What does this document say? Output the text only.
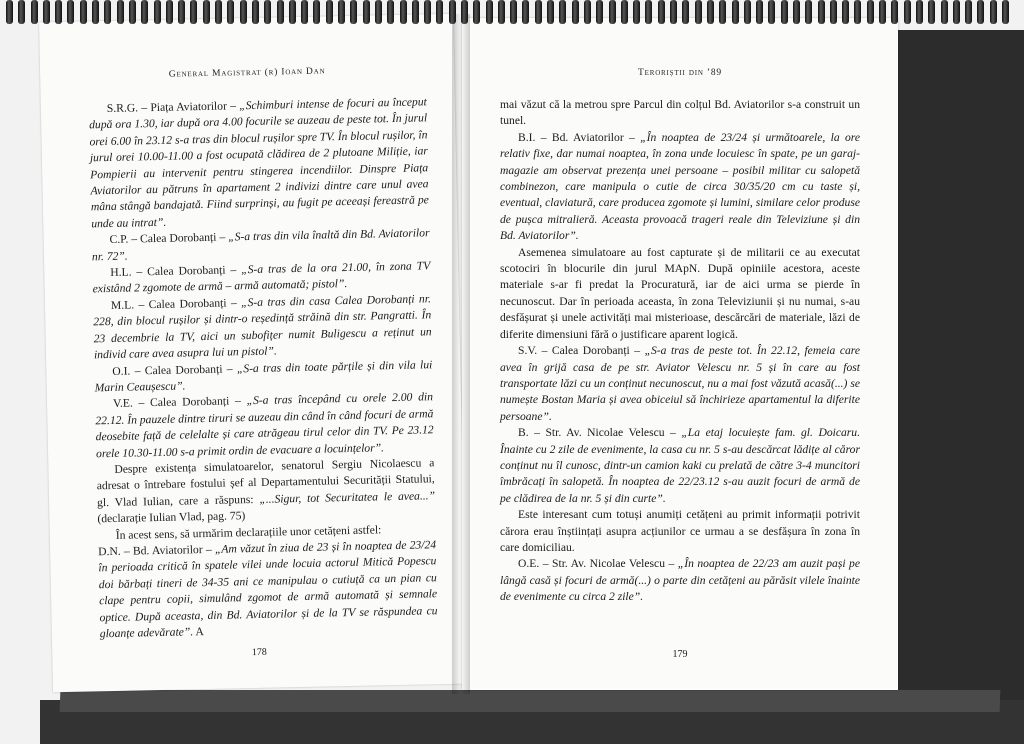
General Magistrat (r) Ioan Dan

S.R.G. – Piața Aviatorilor – „Schimburi intense de focuri au început după ora 1.30, iar după ora 4.00 focurile se auzeau de peste tot. În jurul orei 6.00 în 23.12 s-a tras din blocul rușilor spre TV. În blocul rușilor, în jurul orei 10.00-11.00 a fost ocupată clădirea de 2 plutoane Miliție, iar Pompierii au intervenit pentru stingerea incendiilor. Dinspre Piața Aviatorilor au pătruns în apartament 2 indivizi dintre care unul avea mâna stângă bandajată. Fiind surprinși, au fugit pe aceeași fereastră pe unde au intrat”.

C.P. – Calea Dorobanți – „S-a tras din vila înaltă din Bd. Aviatorilor nr. 72”.

H.L. – Calea Dorobanți – „S-a tras de la ora 21.00, în zona TV existând 2 zgomote de armă – armă automată; pistol”.

M.L. – Calea Dorobanți – „S-a tras din casa Calea Dorobanți nr. 228, din blocul rușilor și dintr-o reședință străină din str. Pangratti. În 23 decembrie la TV, aici un subofițer numit Buligescu a reținut un individ care avea asupra lui un pistol”.

O.I. – Calea Dorobanți – „S-a tras din toate părțile și din vila lui Marin Ceaușescu”.

V.E. – Calea Dorobanți – „S-a tras începând cu orele 2.00 din 22.12. În pauzele dintre tiruri se auzeau din când în când focuri de armă deosebite față de celelalte și care atrăgeau tirul celor din TV. Pe 23.12 orele 10.30-11.00 s-a primit ordin de evacuare a locuințelor”.

Despre existența simulatoarelor, senatorul Sergiu Nicolaescu a adresat o întrebare fostului șef al Departamentului Securității Statului, gl. Vlad Iulian, care a răspuns: „...Sigur, tot Securitatea le avea...” (declarație Iulian Vlad, pag. 75)

În acest sens, să urmărim declarațiile unor cetățeni astfel:

D.N. – Bd. Aviatorilor – „Am văzut în ziua de 23 și în noaptea de 23/24 în perioada critică în spatele vilei unde locuia actorul Mitică Popescu doi bărbați tineri de 34-35 ani ce manipulau o cutiuță ca un pian cu clape pentru copii, simulând zgomot de armă automată și semnale optice. După aceasta, din Bd. Aviatorilor și de la TV se răspundea cu gloanțe adevărate”. A

178
Teroriștii din ’89

mai văzut că la metrou spre Parcul din colțul Bd. Aviatorilor s-a construit un tunel.

B.I. – Bd. Aviatorilor – „În noaptea de 23/24 și următoarele, la ore relativ fixe, dar numai noaptea, în zona unde locuiesc în spate, pe un garaj-magazie am observat prezența unei persoane – posibil militar cu salopetă combinezon, care manipula o cutie de circa 30/35/20 cm cu taste și, eventual, claviatură, care producea zgomote și lumini, similare celor produse de pușca mitralieră. Aceasta provoacă trageri reale din Televiziune și din Bd. Aviatorilor”.

Asemenea simulatoare au fost capturate și de militarii ce au executat scotociri în blocurile din jurul MApN. După opiniile acestora, aceste materiale s-ar fi predat la Procuratură, iar de aici urma se pierde în necunoscut. Dar în perioada aceasta, în zona Televiziunii și nu numai, s-au desfășurat și unele activități mai misterioase, descărcări de materiale, lăzi de diferite dimensiuni fără o justificare aparent logică.

S.V. – Calea Dorobanți – „S-a tras de peste tot. În 22.12, femeia care avea în grijă casa de pe str. Aviator Velescu nr. 5 și în care au fost transportate lăzi cu un conținut necunoscut, nu a mai fost văzută acasă(...) se numește Bostan Maria și avea obiceiul să închirieze apartamentul la diferite persoane”.

B. – Str. Av. Nicolae Velescu – „La etaj locuiește fam. gl. Doicaru. Înainte cu 2 zile de evenimente, la casa cu nr. 5 s-au descărcat lădițe al căror conținut nu îl cunosc, dintr-un camion kaki cu prelată de către 3-4 muncitori îmbrăcați în salopetă. În noaptea de 22/23.12 s-au auzit focuri de armă de pe clădirea de la nr. 5 și din curte”.

Este interesant cum totuși anumiți cetățeni au primit informații potrivit cărora erau înștiințați asupra acțiunilor ce urmau a se desfășura în zona în care domiciliau.

O.E. – Str. Av. Nicolae Velescu – „În noaptea de 22/23 am auzit pași pe lângă casă și focuri de armă(...) o parte din cetățeni au părăsit vilele înainte de evenimente cu circa 2 zile”.

179
